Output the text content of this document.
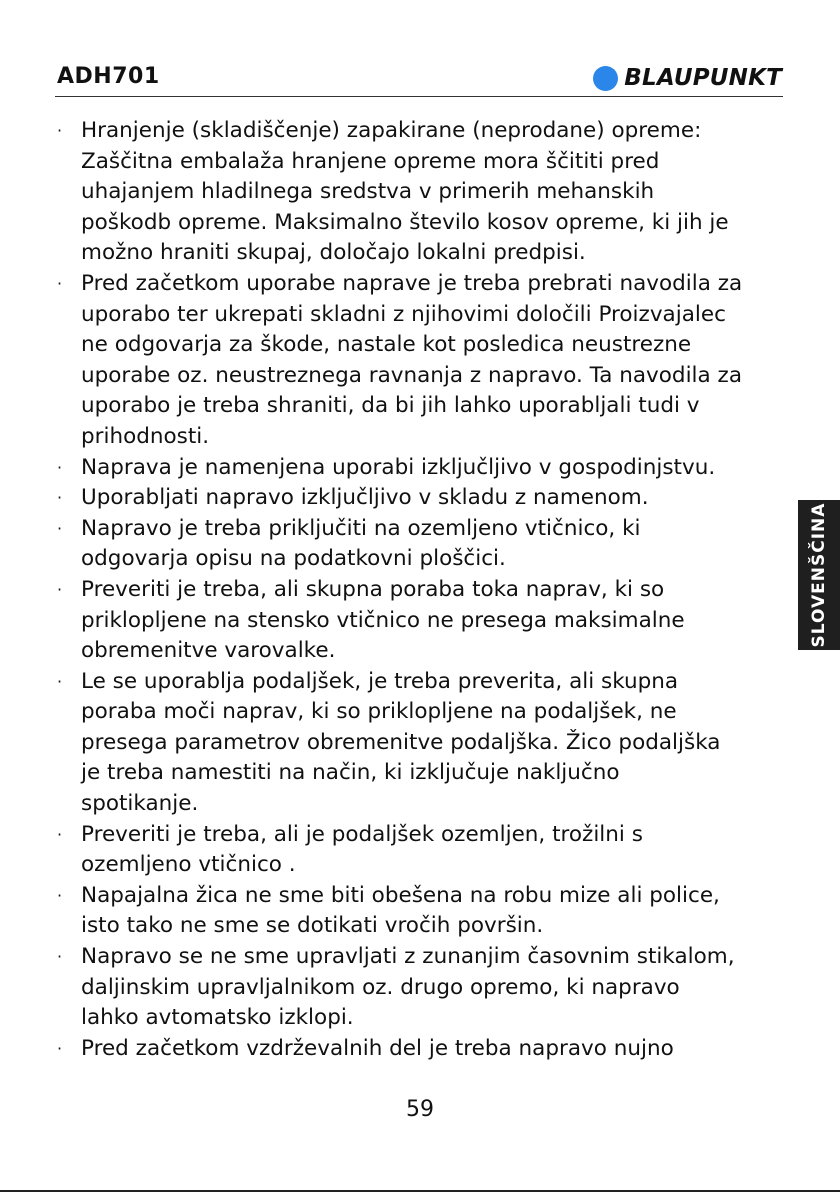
ADH701	BLAUPUNKT
· Hranjenje (skladiščenje) zapakirane (neprodane) opreme:
Zaščitna embalaža hranjene opreme mora ščititi pred
uhajanjem hladilnega sredstva v primerih mehanskih
poškodb opreme. Maksimalno število kosov opreme, ki jih je
možno hraniti skupaj, določajo lokalni predpisi.
· Pred začetkom uporabe naprave je treba prebrati navodila za
uporabo ter ukrepati skladni z njihovimi določili Proizvajalec
ne odgovarja za škode, nastale kot posledica neustrezne
uporabe oz. neustreznega ravnanja z napravo. Ta navodila za
uporabo je treba shraniti, da bi jih lahko uporabljali tudi v
prihodnosti.
· Naprava je namenjena uporabi izključljivo v gospodinjstvu.
· Uporabljati napravo izključljivo v skladu z namenom.
· Napravo je treba priključiti na ozemljeno vtičnico, ki
odgovarja opisu na podatkovni ploščici.
· Preveriti je treba, ali skupna poraba toka naprav, ki so
priklopljene na stensko vtičnico ne presega maksimalne
obremenitve varovalke.
· Le se uporablja podaljšek, je treba preverita, ali skupna
poraba moči naprav, ki so priklopljene na podaljšek, ne
presega parametrov obremenitve podaljška. Žico podaljška
je treba namestiti na način, ki izključuje naključno
spotikanje.
· Preveriti je treba, ali je podaljšek ozemljen, trožilni s
ozemljeno vtičnico .
· Napajalna žica ne sme biti obešena na robu mize ali police,
isto tako ne sme se dotikati vročih površin.
· Napravo se ne sme upravljati z zunanjim časovnim stikalom,
daljinskim upravljalnikom oz. drugo opremo, ki napravo
lahko avtomatsko izklopi.
· Pred začetkom vzdrževalnih del je treba napravo nujno
SLOVENŠČINA
59
